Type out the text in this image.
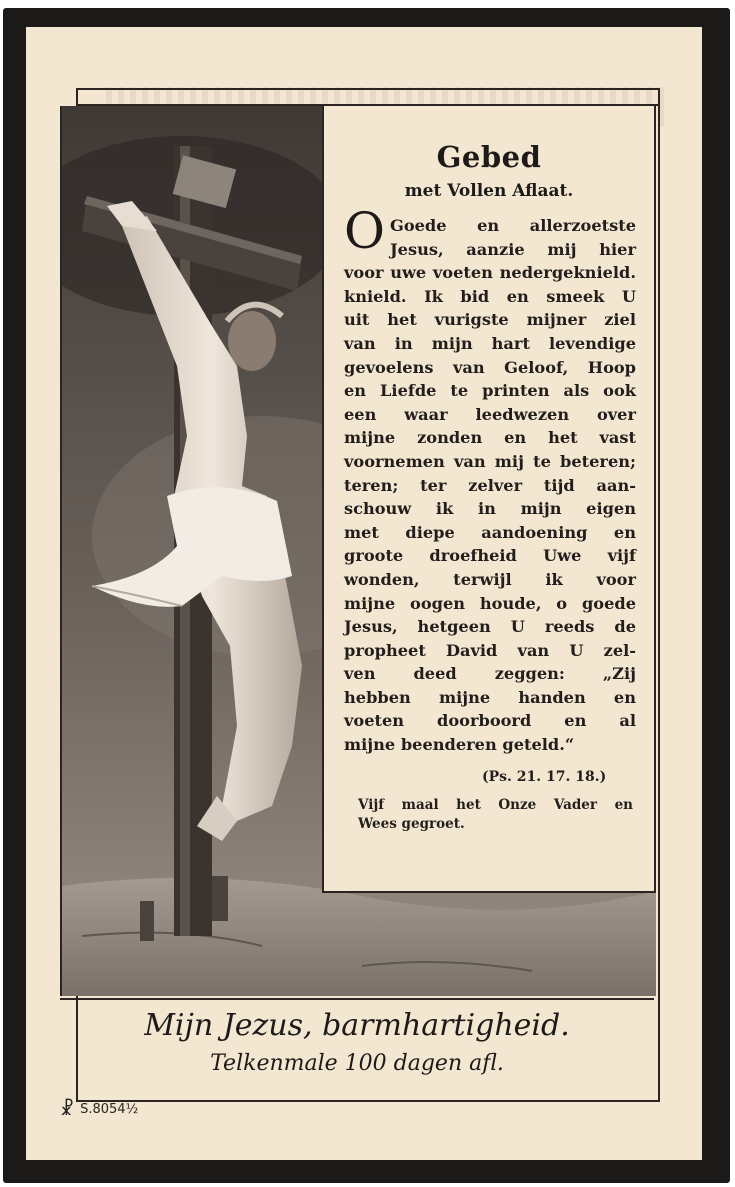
Gebed
met Vollen Aflaat.
O Goede en allerzoetste
Jesus, aanzie mij hier
voor uwe voeten nedergeknield.
knield. Ik bid en smeek U
uit het vurigste mijner ziel
van in mijn hart levendige
gevoelens van Geloof, Hoop
en Liefde te printen als ook
een waar leedwezen over
mijne zonden en het vast
voornemen van mij te beteren;
teren; ter zelver tijd aan-
schouw ik in mijn eigen
met diepe aandoening en
groote droefheid Uwe vijf
wonden, terwijl ik voor
mijne oogen houde, o goede
Jesus, hetgeen U reeds de
propheet David van U zel-
ven deed zeggen: „Zij
hebben mijne handen en
voeten doorboord en al
mijne beenderen geteld.“
(Ps. 21. 17. 18.)
Vijf maal het Onze Vader en
Wees gegroet.
Mijn Jezus, barmhartigheid.
Telkenmale 100 dagen afl.
☧ S.8054½
